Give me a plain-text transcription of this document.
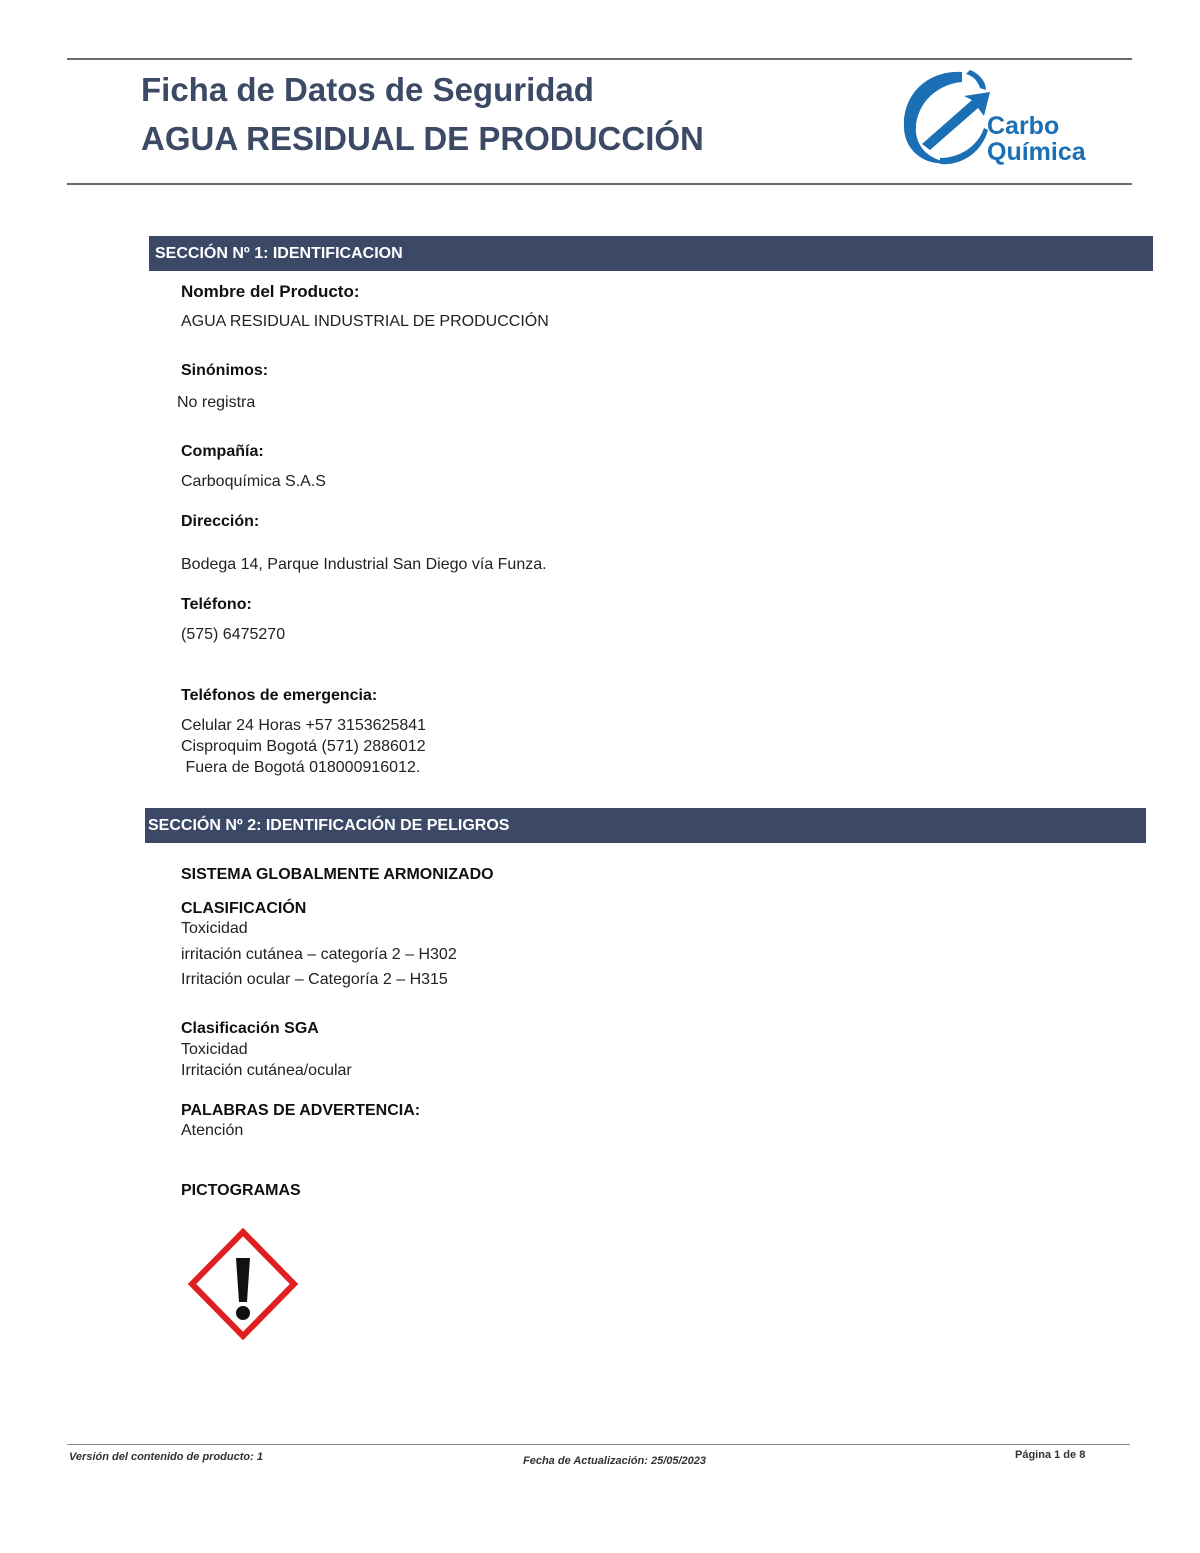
Ficha de Datos de Seguridad
AGUA RESIDUAL DE PRODUCCIÓN	Carbo
Química
SECCIÓN Nº 1: IDENTIFICACION
Nombre del Producto:
AGUA RESIDUAL INDUSTRIAL DE PRODUCCIÓN
Sinónimos:
No registra
Compañía:
Carboquímica S.A.S
Dirección:
Bodega 14, Parque Industrial San Diego vía Funza.
Teléfono:
(575) 6475270
Teléfonos de emergencia:
Celular 24 Horas +57 3153625841
Cisproquim Bogotá (571) 2886012
Fuera de Bogotá 018000916012.
SECCIÓN Nº 2: IDENTIFICACIÓN DE PELIGROS
SISTEMA GLOBALMENTE ARMONIZADO
CLASIFICACIÓN
Toxicidad
irritación cutánea – categoría 2 – H302
Irritación ocular – Categoría 2 – H315
Clasificación SGA
Toxicidad
Irritación cutánea/ocular
PALABRAS DE ADVERTENCIA:
Atención
PICTOGRAMAS
Versión del contenido de producto: 1	Fecha de Actualización: 25/05/2023	Página 1 de 8
